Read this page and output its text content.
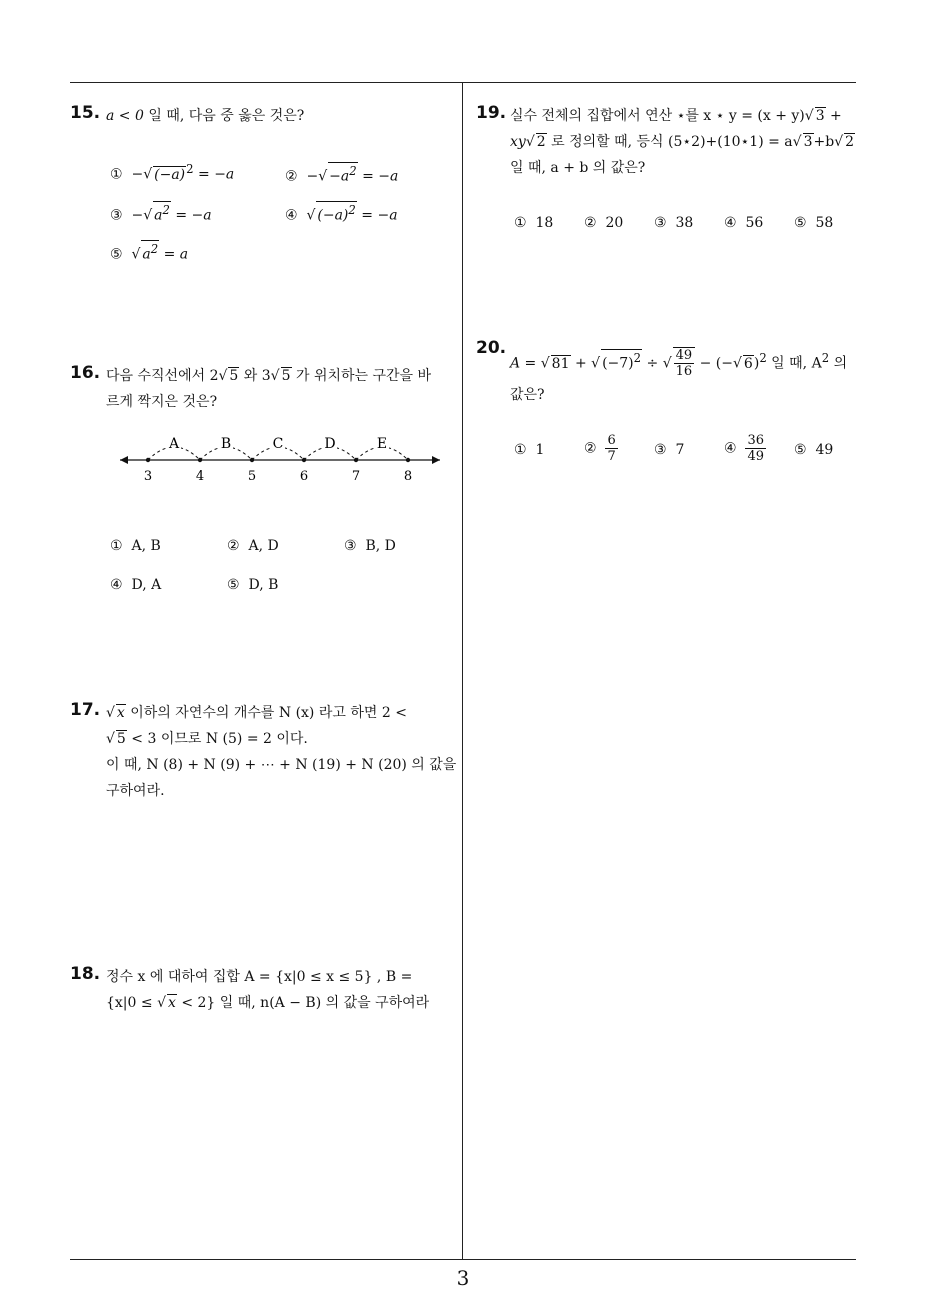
3
15. a < 0 일 때, 다음 중 옳은 것은?
① −√ $(-a)^2 = -a$	② −√ $-a^2 = -a$
③ −√ $a^2 = -a$	④ √ $(-a)^2 = -a$
⑤ √ $a^2 = a$
16. 다음 수직선에서 2√ 5 와 3√ 5 가 위치하는 구간을 바
르게 짝지은 것은?
3	4	5	6	7	8
A	B	C	D	E
① A, B	② A, D	③ B, D
④ D, A	⑤ D, B
17. √ x 이하의 자연수의 개수를 N (x) 라고 하면 2 <
√ 5 < 3 이므로 N (5) = 2 이다.
이 때, N (8) + N (9) + ⋯ + N (19) + N (20) 의 값을
구하여라.
18. 정수 x 에 대하여 집합 A = {x|0 ≤ x ≤ 5} , B =
{x|0 ≤ √ x < 2} 일 때, n(A − B) 의 값을 구하여라
19. 실수 전체의 집합에서 연산 ⋆를 x ⋆ y = (x + y)√ 3 +
xy√ 2 로 정의할 때, 등식 (5⋆2)+(10⋆1) = a√ 3+b√ 2
일 때, a + b 의 값은?
① 18 ② 20 ③ 38 ④ 56 ⑤ 58
20.
A = √ 81 + √ $(-7)^2$ ÷ √ $\frac{49}{16}$ − (−√ 6)$^2$ 일 때, $A^2$ 의
값은?
① 1	② $\frac{6}{7}$	③ 7	④ $\frac{36}{49}$ ⑤ 49
